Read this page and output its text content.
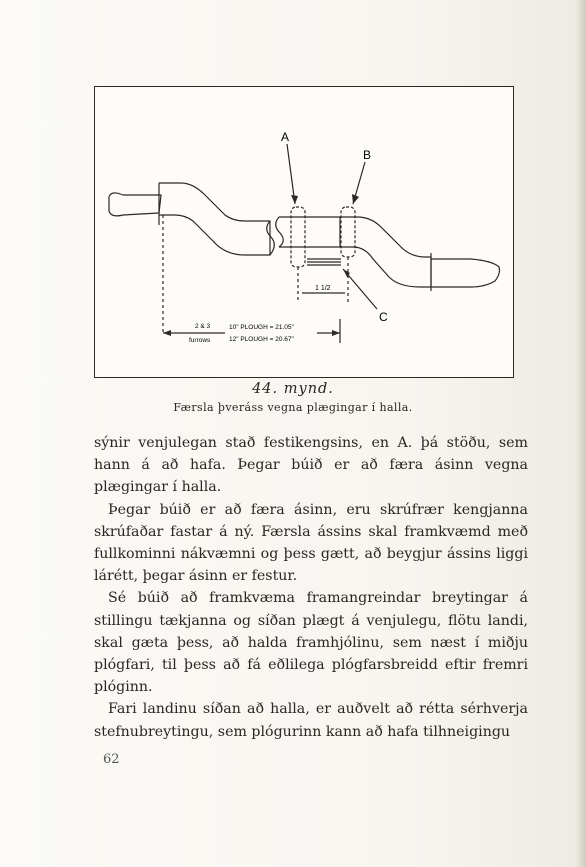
A
B
C
1 1/2
2 & 3
furrows
10" PLOUGH = 21.05"
12" PLOUGH = 20.67"
44. mynd.
Færsla þveráss vegna plægingar í halla.

sýnir venjulegan stað festikengsins, en A. þá stöðu, sem hann á að hafa. Þegar búið er að færa ásinn vegna plægingar í halla.

Þegar búið er að færa ásinn, eru skrúfrær kengjanna skrúfaðar fastar á ný. Færsla ássins skal framkvæmd með fullkominni nákvæmni og þess gætt, að beygjur ássins liggi lárétt, þegar ásinn er festur.

Sé búið að framkvæma framangreindar breytingar á stillingu tækjanna og síðan plægt á venjulegu, flötu landi, skal gæta þess, að halda framhjólinu, sem næst í miðju plógfari, til þess að fá eðlilega plógfarsbreidd eftir fremri plóginn.

Fari landinu síðan að halla, er auðvelt að rétta sérhverja stefnubreytingu, sem plógurinn kann að hafa tilhneigingu

62
